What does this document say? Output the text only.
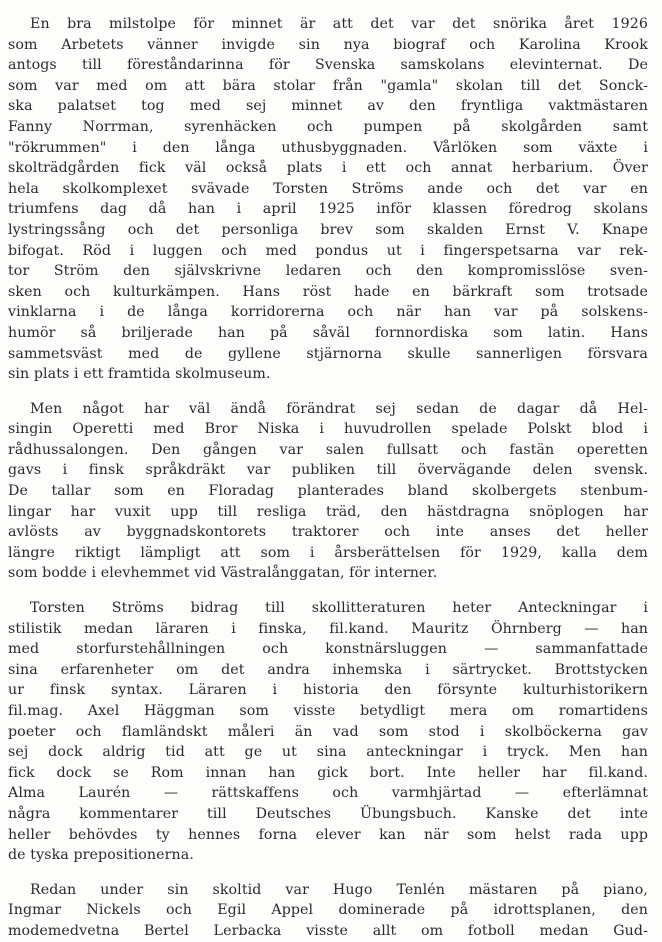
En bra milstolpe för minnet är att det var det snörika året 1926
som Arbetets vänner invigde sin nya biograf och Karolina Krook
antogs till föreståndarinna för Svenska samskolans elevinternat. De
som var med om att bära stolar från "gamla" skolan till det Sonck-
ska palatset tog med sej minnet av den fryntliga vaktmästaren
Fanny Norrman, syrenhäcken och pumpen på skolgården samt
"rökrummen" i den långa uthusbyggnaden. Vårlöken som växte i
skolträdgården fick väl också plats i ett och annat herbarium. Över
hela skolkomplexet svävade Torsten Ströms ande och det var en
triumfens dag då han i april 1925 inför klassen föredrog skolans
lystringssång och det personliga brev som skalden Ernst V. Knape
bifogat. Röd i luggen och med pondus ut i fingerspetsarna var rek-
tor Ström den självskrivne ledaren och den kompromisslöse sven-
sken och kulturkämpen. Hans röst hade en bärkraft som trotsade
vinklarna i de långa korridorerna och när han var på solskens-
humör så briljerade han på såväl fornnordiska som latin. Hans
sammetsväst med de gyllene stjärnorna skulle sannerligen försvara
sin plats i ett framtida skolmuseum.
Men något har väl ändå förändrat sej sedan de dagar då Hel-
singin Operetti med Bror Niska i huvudrollen spelade Polskt blod i
rådhussalongen. Den gången var salen fullsatt och fastän operetten
gavs i finsk språkdräkt var publiken till övervägande delen svensk.
De tallar som en Floradag planterades bland skolbergets stenbum-
lingar har vuxit upp till resliga träd, den hästdragna snöplogen har
avlösts av byggnadskontorets traktorer och inte anses det heller
längre riktigt lämpligt att som i årsberättelsen för 1929, kalla dem
som bodde i elevhemmet vid Västralånggatan, för interner.
Torsten Ströms bidrag till skollitteraturen heter Anteckningar i
stilistik medan läraren i finska, fil.kand. Mauritz Öhrnberg — han
med storfurstehållningen och konstnärsluggen — sammanfattade
sina erfarenheter om det andra inhemska i särtrycket. Brottstycken
ur finsk syntax. Läraren i historia den försynte kulturhistorikern
fil.mag. Axel Häggman som visste betydligt mera om romartidens
poeter och flamländskt måleri än vad som stod i skolböckerna gav
sej dock aldrig tid att ge ut sina anteckningar i tryck. Men han
fick dock se Rom innan han gick bort. Inte heller har fil.kand.
Alma Laurén — rättskaffens och varmhjärtad — efterlämnat
några kommentarer till Deutsches Übungsbuch. Kanske det inte
heller behövdes ty hennes forna elever kan när som helst rada upp
de tyska prepositionerna.
Redan under sin skoltid var Hugo Tenlén mästaren på piano,
Ingmar Nickels och Egil Appel dominerade på idrottsplanen, den
modemedvetna Bertel Lerbacka visste allt om fotboll medan Gud-
